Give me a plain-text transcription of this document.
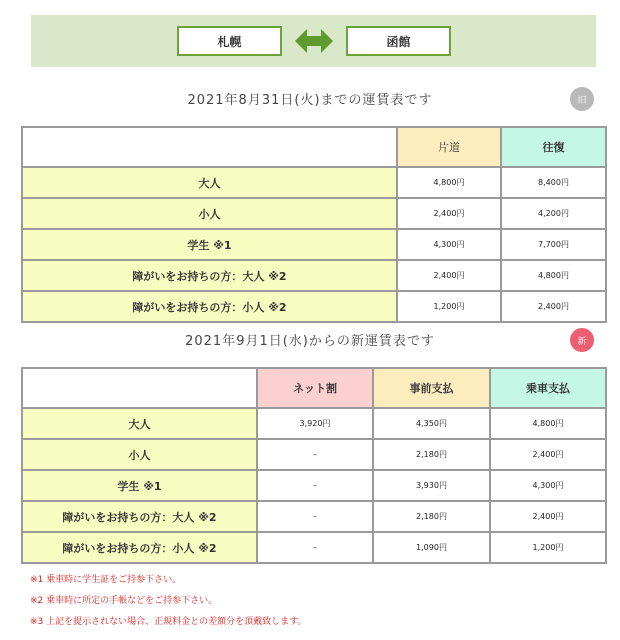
札幌	函館
2021年8月31日(火)までの運賃表です	旧
	片道	往復
大人	4,800円	8,400円
小人	2,400円	4,200円
学生 ※1	4,300円	7,700円
障がいをお持ちの方：大人 ※2	2,400円	4,800円
障がいをお持ちの方：小人 ※2	1,200円	2,400円
2021年9月1日(水)からの新運賃表です	新
	ネット割	事前支払	乗車支払
大人	3,920円	4,350円	4,800円
小人	–	2,180円	2,400円
学生 ※1	–	3,930円	4,300円
障がいをお持ちの方：大人 ※2	–	2,180円	2,400円
障がいをお持ちの方：小人 ※2	–	1,090円	1,200円
※1 乗車時に学生証をご持参下さい。
※2 乗車時に所定の手帳などをご持参下さい。
※3 上記を提示されない場合、正規料金との差額分を頂戴致します。
